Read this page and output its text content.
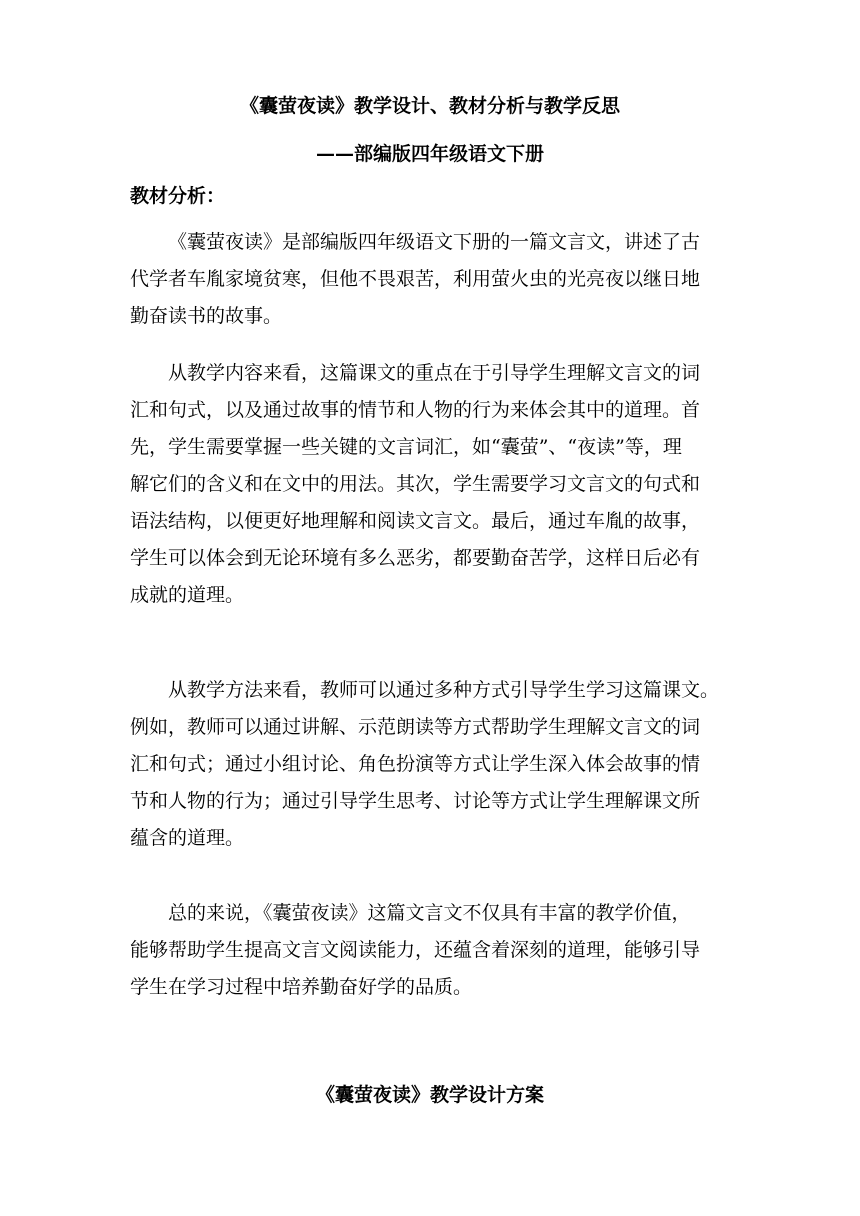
《囊萤夜读》教学设计、教材分析与教学反思
——部编版四年级语文下册
教材分析：
《囊萤夜读》是部编版四年级语文下册的一篇文言文，讲述了古
代学者车胤家境贫寒，但他不畏艰苦，利用萤火虫的光亮夜以继日地
勤奋读书的故事。
从教学内容来看，这篇课文的重点在于引导学生理解文言文的词
汇和句式，以及通过故事的情节和人物的行为来体会其中的道理。首
先，学生需要掌握一些关键的文言词汇，如“囊萤”、“夜读”等，理
解它们的含义和在文中的用法。其次，学生需要学习文言文的句式和
语法结构，以便更好地理解和阅读文言文。最后，通过车胤的故事，
学生可以体会到无论环境有多么恶劣，都要勤奋苦学，这样日后必有
成就的道理。
从教学方法来看，教师可以通过多种方式引导学生学习这篇课文。
例如，教师可以通过讲解、示范朗读等方式帮助学生理解文言文的词
汇和句式；通过小组讨论、角色扮演等方式让学生深入体会故事的情
节和人物的行为；通过引导学生思考、讨论等方式让学生理解课文所
蕴含的道理。
总的来说，《囊萤夜读》这篇文言文不仅具有丰富的教学价值，
能够帮助学生提高文言文阅读能力，还蕴含着深刻的道理，能够引导
学生在学习过程中培养勤奋好学的品质。
《囊萤夜读》教学设计方案
